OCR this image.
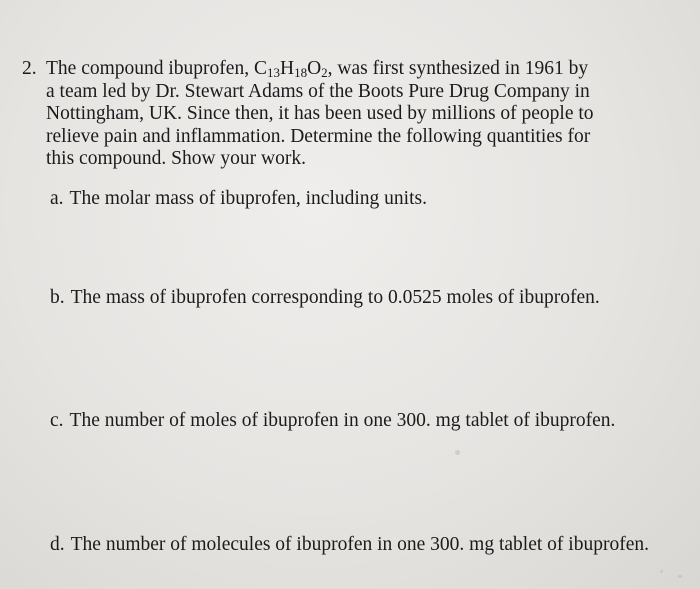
2. The compound ibuprofen, $C_{13}H_{18}O_2$, was first synthesized in 1961 by
a team led by Dr. Stewart Adams of the Boots Pure Drug Company in
Nottingham, UK. Since then, it has been used by millions of people to
relieve pain and inflammation. Determine the following quantities for
this compound. Show your work.
a. The molar mass of ibuprofen, including units.
b. The mass of ibuprofen corresponding to 0.0525 moles of ibuprofen.
c. The number of moles of ibuprofen in one 300. mg tablet of ibuprofen.
d. The number of molecules of ibuprofen in one 300. mg tablet of ibuprofen.
